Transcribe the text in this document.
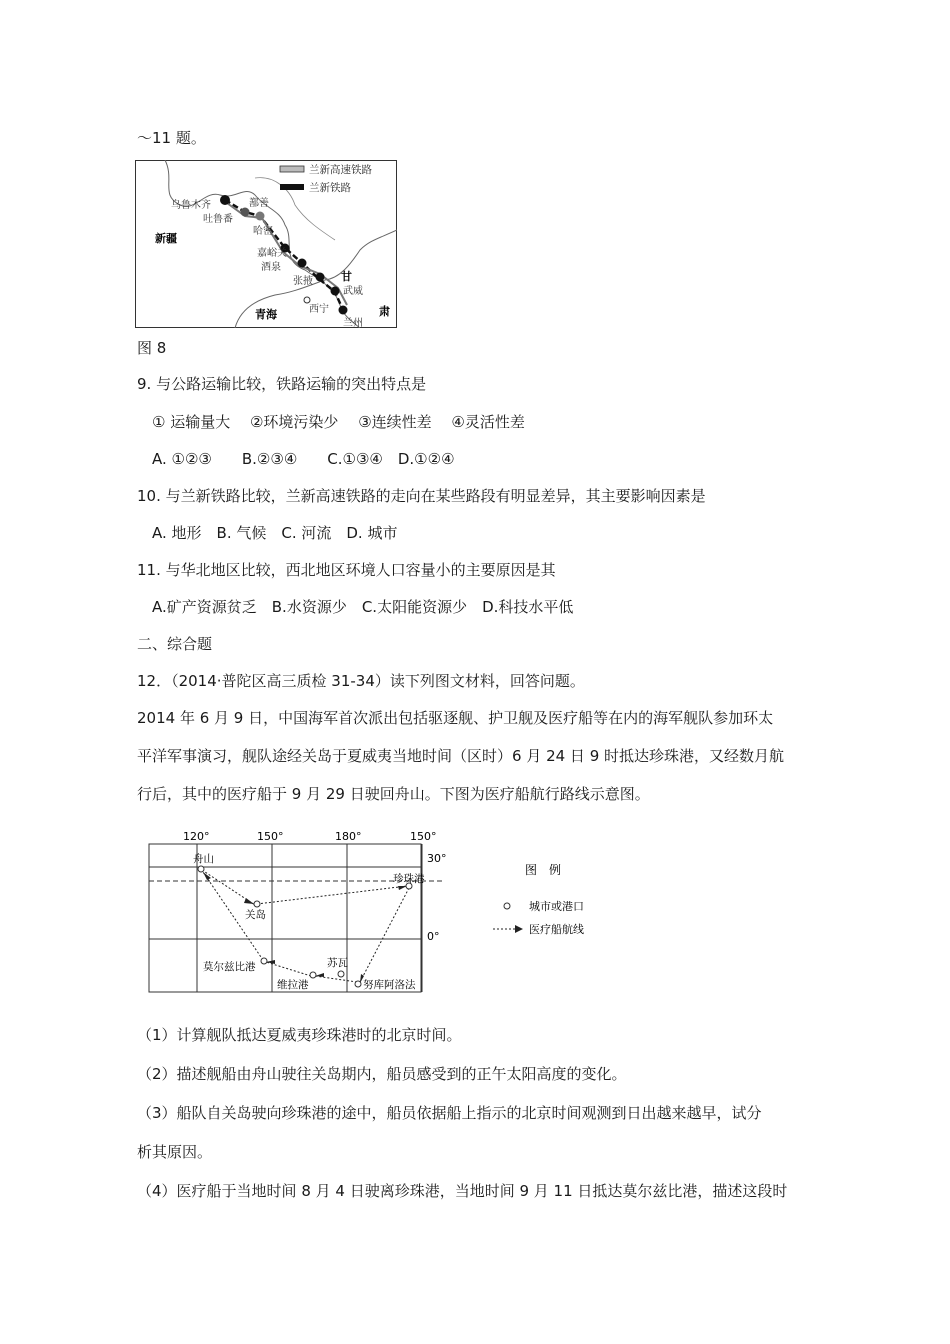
～11 题。
兰新高速铁路
兰新铁路
新疆
青海
甘
肃
乌鲁木齐
吐鲁番
鄯善
哈密
嘉峪关
酒泉
张掖
武威
西宁
兰州
图 8
9. 与公路运输比较，铁路运输的突出特点是
① 运输量大　 ②环境污染少　 ③连续性差　 ④灵活性差
A. ①②③　　B.②③④　　C.①③④　D.①②④
10. 与兰新铁路比较，兰新高速铁路的走向在某些路段有明显差异，其主要影响因素是
A. 地形　B. 气候　C. 河流　D. 城市
11. 与华北地区比较，西北地区环境人口容量小的主要原因是其
A.矿产资源贫乏　B.水资源少　C.太阳能资源少　D.科技水平低
二、综合题
12．（2014·普陀区高三质检 31-34）读下列图文材料，回答问题。
2014 年 6 月 9 日，中国海军首次派出包括驱逐舰、护卫舰及医疗船等在内的海军舰队参加环太
平洋军事演习，舰队途经关岛于夏威夷当地时间（区时）6 月 24 日 9 时抵达珍珠港，又经数月航
行后，其中的医疗船于 9 月 29 日驶回舟山。下图为医疗船航行路线示意图。
120°	150°	180°	150°
30°
0°
舟山
关岛
珍珠港
莫尔兹比港
维拉港
苏瓦
努库阿洛法
图　例
城市或港口
医疗船航线
（1）计算舰队抵达夏威夷珍珠港时的北京时间。
（2）描述舰船由舟山驶往关岛期内，船员感受到的正午太阳高度的变化。
（3）船队自关岛驶向珍珠港的途中，船员依据船上指示的北京时间观测到日出越来越早，试分
析其原因。
（4）医疗船于当地时间 8 月 4 日驶离珍珠港，当地时间 9 月 11 日抵达莫尔兹比港，描述这段时
